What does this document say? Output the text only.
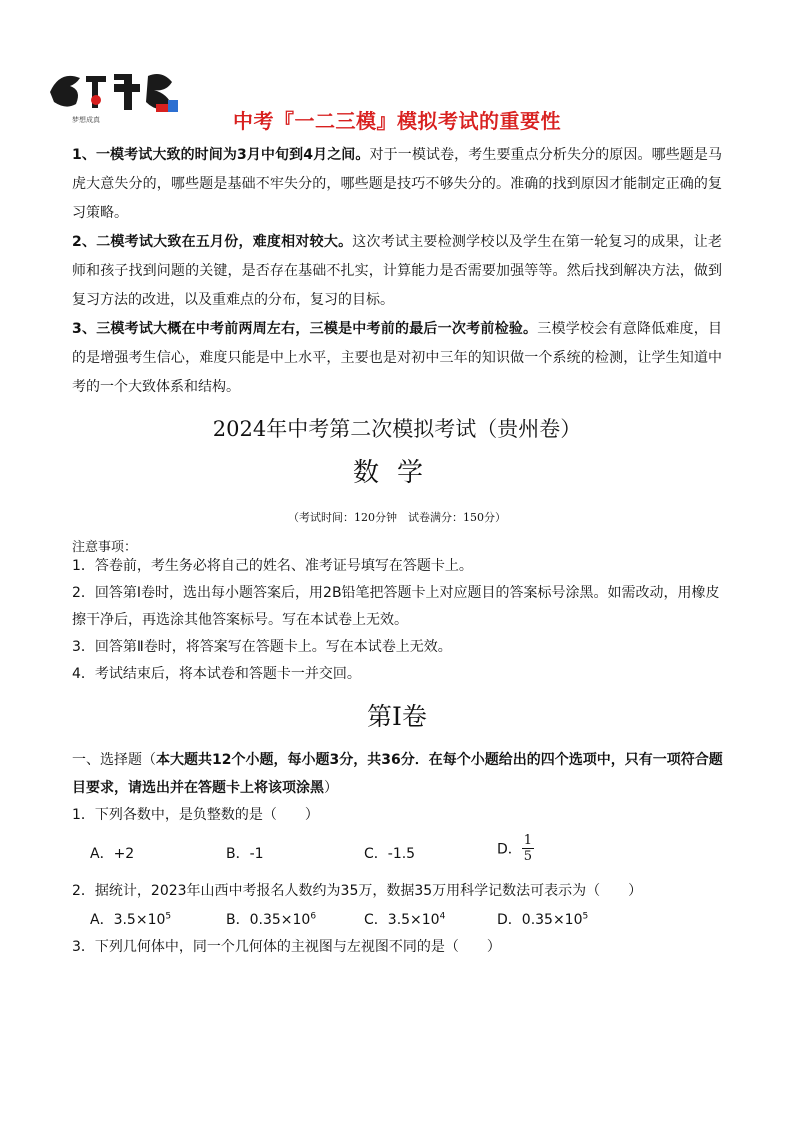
梦想成真	中考『一二三模』模拟考试的重要性
1、一模考试大致的时间为3月中旬到4月之间。对于一模试卷，考生要重点分析失分的原因。哪些题是马虎大意失分的，哪些题是基础不牢失分的，哪些题是技巧不够失分的。准确的找到原因才能制定正确的复习策略。
2、二模考试大致在五月份，难度相对较大。这次考试主要检测学校以及学生在第一轮复习的成果，让老师和孩子找到问题的关键，是否存在基础不扎实，计算能力是否需要加强等等。然后找到解决方法，做到复习方法的改进，以及重难点的分布，复习的目标。
3、三模考试大概在中考前两周左右，三模是中考前的最后一次考前检验。三模学校会有意降低难度，目的是增强考生信心，难度只能是中上水平，主要也是对初中三年的知识做一个系统的检测，让学生知道中考的一个大致体系和结构。
2024年中考第二次模拟考试（贵州卷）
数学
（考试时间：120分钟　试卷满分：150分）
注意事项：
1．答卷前，考生务必将自己的姓名、准考证号填写在答题卡上。
2．回答第Ⅰ卷时，选出每小题答案后，用2B铅笔把答题卡上对应题目的答案标号涂黑。如需改动，用橡皮擦干净后，再选涂其他答案标号。写在本试卷上无效。
3．回答第Ⅱ卷时，将答案写在答题卡上。写在本试卷上无效。
4．考试结束后，将本试卷和答题卡一并交回。
第Ⅰ卷
一、选择题（本大题共12个小题，每小题3分，共36分．在每个小题给出的四个选项中，只有一项符合题目要求，请选出并在答题卡上将该项涂黑）
1．下列各数中，是负整数的是（　　）
A．+2	B．-1	C．-1.5	D． $\frac{1}{5}$
2．据统计，2023年山西中考报名人数约为35万，数据35万用科学记数法可表示为（　　）
A．$3.5\times 10^5$	B．$0.35\times 10^6$	C．$3.5\times 10^4$	D．$0.35\times 10^5$
3．下列几何体中，同一个几何体的主视图与左视图不同的是（　　）
